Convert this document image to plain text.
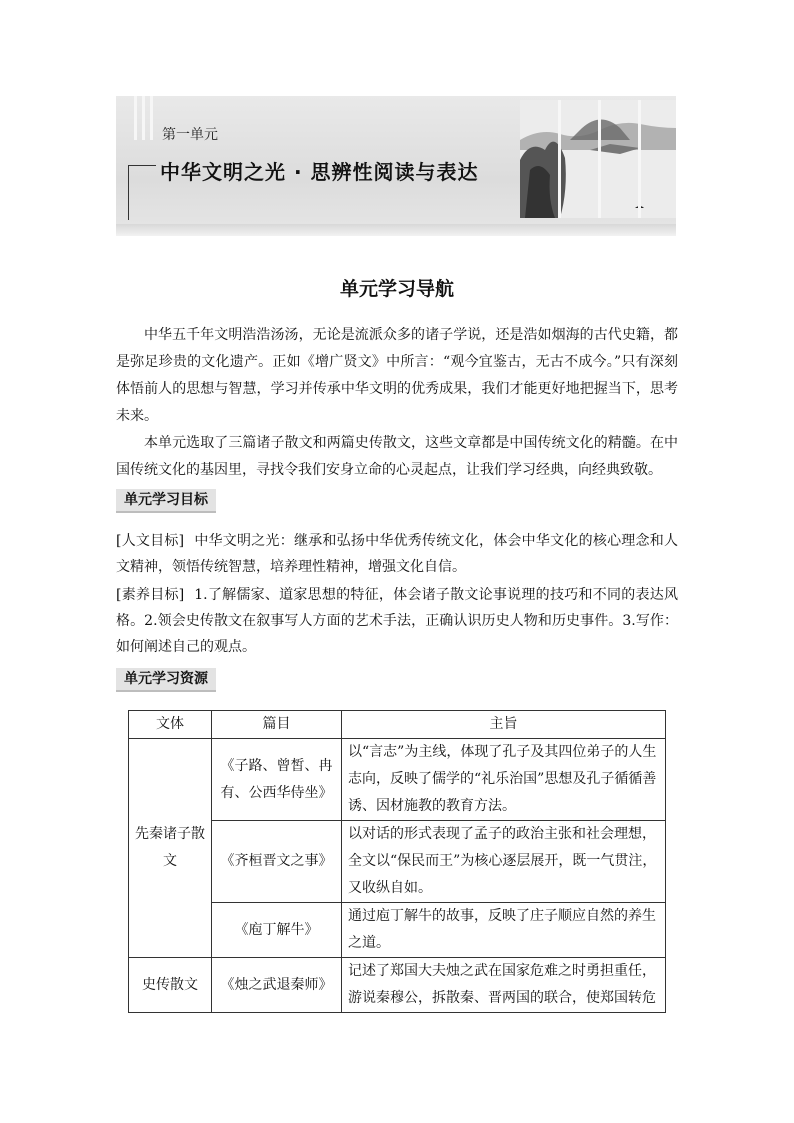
第一单元
中华文明之光 · 思辨性阅读与表达
单元学习导航

中华五千年文明浩浩汤汤，无论是流派众多的诸子学说，还是浩如烟海的古代史籍，都是弥足珍贵的文化遗产。正如《增广贤文》中所言：“观今宜鉴古，无古不成今。”只有深刻体悟前人的思想与智慧，学习并传承中华文明的优秀成果，我们才能更好地把握当下，思考未来。

本单元选取了三篇诸子散文和两篇史传散文，这些文章都是中国传统文化的精髓。在中国传统文化的基因里，寻找令我们安身立命的心灵起点，让我们学习经典，向经典致敬。

单元学习目标

[人文目标] 中华文明之光：继承和弘扬中华优秀传统文化，体会中华文化的核心理念和人文精神，领悟传统智慧，培养理性精神，增强文化自信。

[素养目标] 1.了解儒家、道家思想的特征，体会诸子散文论事说理的技巧和不同的表达风格。2.领会史传散文在叙事写人方面的艺术手法，正确认识历史人物和历史事件。3.写作：如何阐述自己的观点。

单元学习资源
文体	篇目	主旨
先秦诸子散文	《子路、曾皙、冉有、公西华侍坐》	以“言志”为主线，体现了孔子及其四位弟子的人生志向，反映了儒学的“礼乐治国”思想及孔子循循善诱、因材施教的教育方法。
	《齐桓晋文之事》	以对话的形式表现了孟子的政治主张和社会理想，全文以“保民而王”为核心逐层展开，既一气贯注，又收纵自如。
	《庖丁解牛》	通过庖丁解牛的故事，反映了庄子顺应自然的养生之道。
史传散文	《烛之武退秦师》	记述了郑国大夫烛之武在国家危难之时勇担重任，游说秦穆公，拆散秦、晋两国的联合，使郑国转危
